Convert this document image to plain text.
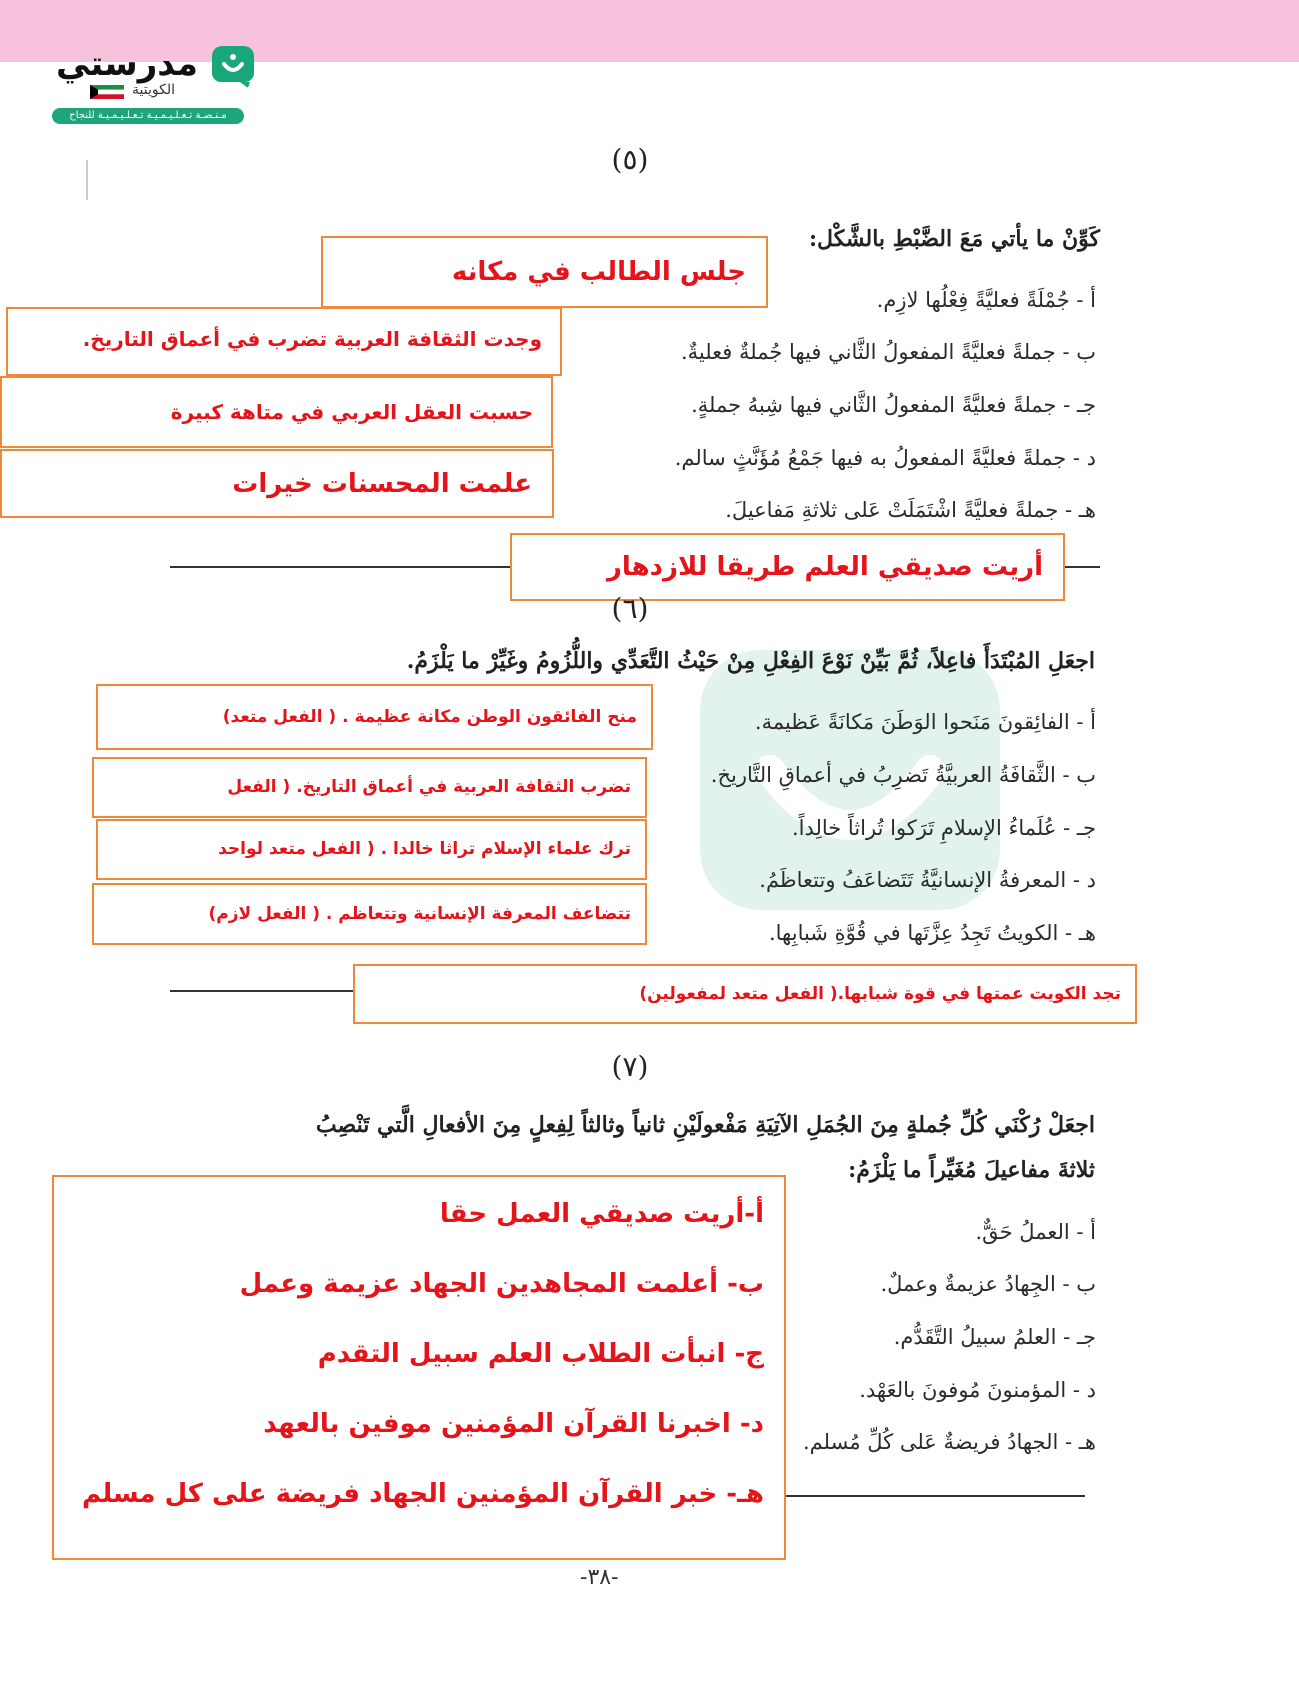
مدرستي
الكويتية
مـنـصـة تـعـلـيـمـيـة تـعـلـيـمـيـة للنجاح والتفوق
(٥)
كَوِّنْ ما يأتي مَعَ الضَّبْطِ بالشَّكْل:
أ - جُمْلَةً فعليَّةً فِعْلُها لازِم.
ب - جملةً فعليَّةً المفعولُ الثَّاني فيها جُملةٌ فعليةٌ.
جـ - جملةً فعليَّةً المفعولُ الثَّاني فيها شِبهُ جملةٍ.
د - جملةً فعليَّةً المفعولُ به فيها جَمْعُ مُؤَنَّثٍ سالم.
هـ - جملةً فعليَّةً اشْتَمَلَتْ عَلى ثلاثةِ مَفاعيلَ.
جلس الطالب في مكانه
وجدت الثقافة العربية تضرب في أعماق التاريخ.
حسبت العقل العربي في متاهة كبيرة
علمت المحسنات خيرات
أريت صديقي العلم طريقا للازدهار
(٦)
اجعَلِ المُبْتَدَأَ فاعِلاً، ثُمَّ بَيِّنْ نَوْعَ الفِعْلِ مِنْ حَيْثُ التَّعَدِّي واللُّزُومُ وغَيِّرْ ما يَلْزَمُ.
أ - الفائِقونَ مَنَحوا الوَطَنَ مَكانَةً عَظيمة.
ب - الثَّقافَةُ العربيَّةُ تَضرِبُ في أعماقِ التَّاريخ.
جـ - عُلَماءُ الإسلامِ تَرَكوا تُراثاً خالِداً.
د - المعرفةُ الإنسانيَّةُ تَتَضاعَفُ وتتعاظَمُ.
هـ - الكويتُ تَجِدُ عِزَّتَها في قُوَّةِ شَبابِها.
منح الفائقون الوطن مكانة عظيمة . ( الفعل متعد)
تضرب الثقافة العربية في أعماق التاريخ. ( الفعل
ترك علماء الإسلام تراثا خالدا . ( الفعل متعد لواحد
تتضاعف المعرفة الإنسانية وتتعاظم . ( الفعل لازم)
تجد الكويت عمتها في قوة شبابها.( الفعل متعد لمفعولين)
(٧)
اجعَلْ رُكْنَي كُلِّ جُملةٍ مِنَ الجُمَلِ الآتِيَةِ مَفْعولَيْنِ ثانياً وثالثاً لِفِعلٍ مِنَ الأفعالِ الَّتي تَنْصِبُ
ثلاثةَ مفاعيلَ مُغَيِّراً ما يَلْزَمُ:
أ - العملُ حَقٌّ.
ب - الجِهادُ عزيمةٌ وعملٌ.
جـ - العلمُ سبيلُ التَّقَدُّم.
د - المؤمنونَ مُوفونَ بالعَهْد.
هـ - الجهادُ فريضةٌ عَلى كُلِّ مُسلم.
أ-أريت صديقي العمل حقا
ب- أعلمت المجاهدين الجهاد عزيمة وعمل
ج- انبأت الطلاب العلم سبيل التقدم
د- اخبرنا القرآن المؤمنين موفين بالعهد
هـ- خبر القرآن المؤمنين الجهاد فريضة على كل مسلم
-٣٨-
